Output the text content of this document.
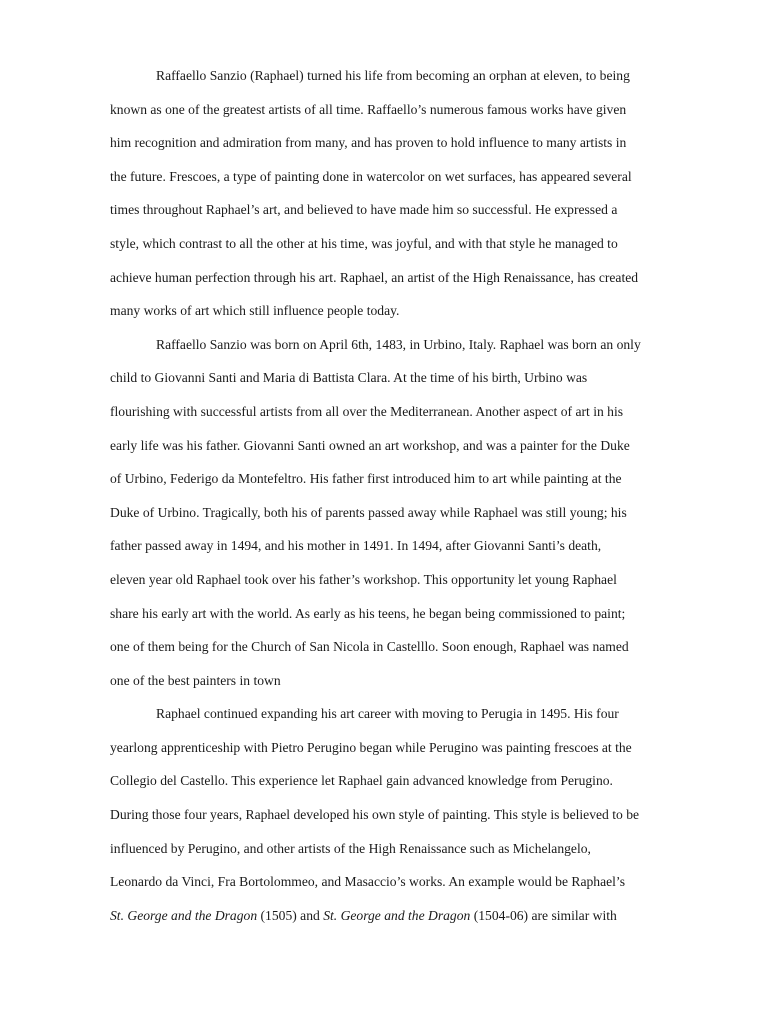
Raffaello Sanzio (Raphael) turned his life from becoming an orphan at eleven, to being
known as one of the greatest artists of all time. Raffaello’s numerous famous works have given
him recognition and admiration from many, and has proven to hold influence to many artists in
the future. Frescoes, a type of painting done in watercolor on wet surfaces, has appeared several
times throughout Raphael’s art, and believed to have made him so successful. He expressed a
style, which contrast to all the other at his time, was joyful, and with that style he managed to
achieve human perfection through his art. Raphael, an artist of the High Renaissance, has created
many works of art which still influence people today.
Raffaello Sanzio was born on April 6th, 1483, in Urbino, Italy. Raphael was born an only
child to Giovanni Santi and Maria di Battista Clara. At the time of his birth, Urbino was
flourishing with successful artists from all over the Mediterranean. Another aspect of art in his
early life was his father. Giovanni Santi owned an art workshop, and was a painter for the Duke
of Urbino, Federigo da Montefeltro. His father first introduced him to art while painting at the
Duke of Urbino. Tragically, both his of parents passed away while Raphael was still young; his
father passed away in 1494, and his mother in 1491. In 1494, after Giovanni Santi’s death,
eleven year old Raphael took over his father’s workshop. This opportunity let young Raphael
share his early art with the world. As early as his teens, he began being commissioned to paint;
one of them being for the Church of San Nicola in Castelllo. Soon enough, Raphael was named
one of the best painters in town
Raphael continued expanding his art career with moving to Perugia in 1495. His four
yearlong apprenticeship with Pietro Perugino began while Perugino was painting frescoes at the
Collegio del Castello. This experience let Raphael gain advanced knowledge from Perugino.
During those four years, Raphael developed his own style of painting. This style is believed to be
influenced by Perugino, and other artists of the High Renaissance such as Michelangelo,
Leonardo da Vinci, Fra Bortolommeo, and Masaccio’s works. An example would be Raphael’s
St. George and the Dragon (1505) and St. George and the Dragon (1504-06) are similar with
